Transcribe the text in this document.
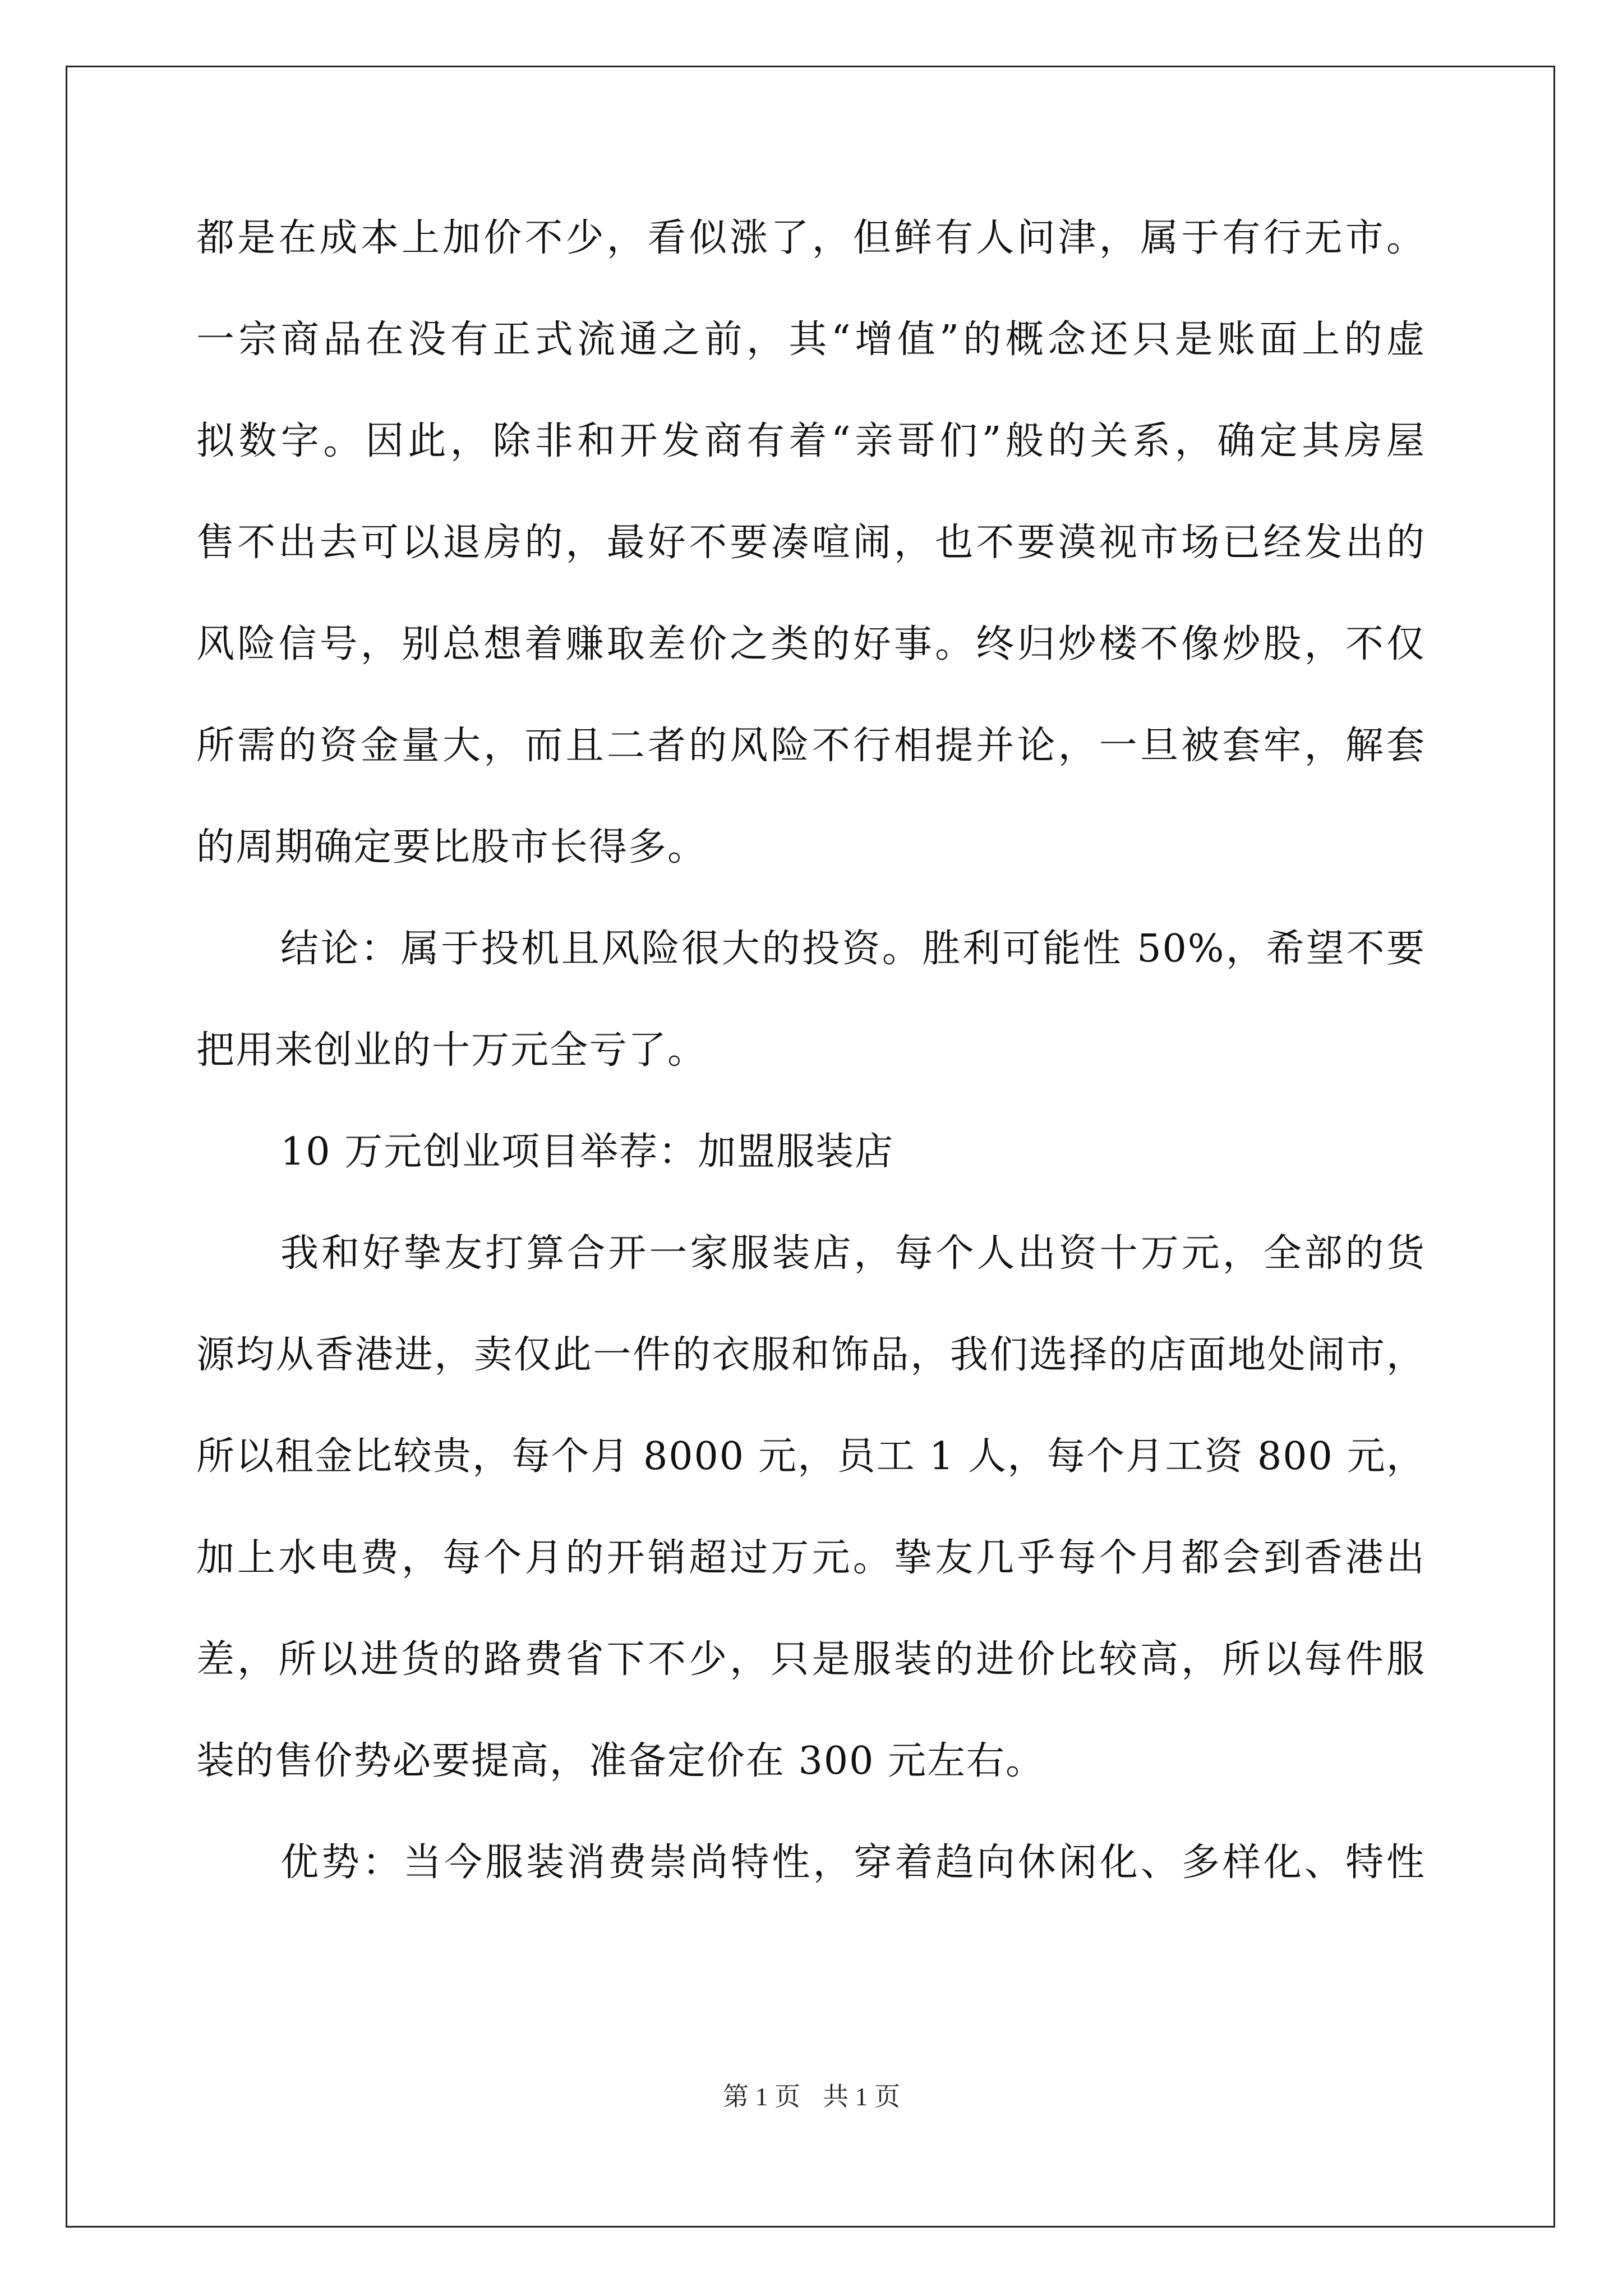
都是在成本上加价不少，看似涨了，但鲜有人问津，属于有行无市。
一宗商品在没有正式流通之前，其“增值”的概念还只是账面上的虚
拟数字。因此，除非和开发商有着“亲哥们”般的关系，确定其房屋
售不出去可以退房的，最好不要凑喧闹，也不要漠视市场已经发出的
风险信号，别总想着赚取差价之类的好事。终归炒楼不像炒股，不仅
所需的资金量大，而且二者的风险不行相提并论，一旦被套牢，解套
的周期确定要比股市长得多。
结论：属于投机且风险很大的投资。胜利可能性 50%，希望不要
把用来创业的十万元全亏了。
10 万元创业项目举荐：加盟服装店
我和好挚友打算合开一家服装店，每个人出资十万元，全部的货
源均从香港进，卖仅此一件的衣服和饰品，我们选择的店面地处闹市，
所以租金比较贵，每个月 8000 元，员工 1 人，每个月工资 800 元，
加上水电费，每个月的开销超过万元。挚友几乎每个月都会到香港出
差，所以进货的路费省下不少，只是服装的进价比较高，所以每件服
装的售价势必要提高，准备定价在 300 元左右。
优势：当今服装消费崇尚特性，穿着趋向休闲化、多样化、特性
第 1 页 共 1 页
